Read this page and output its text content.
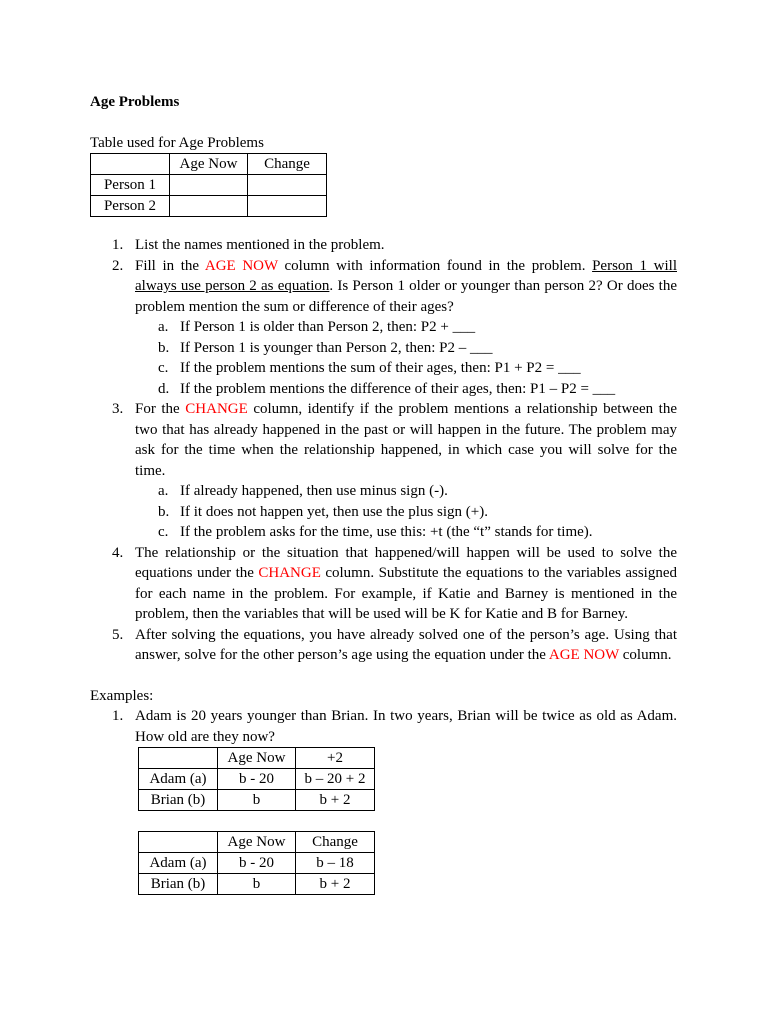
Age Problems

Table used for Age Problems
	Age Now	Change
Person 1		
Person 2		
1. List the names mentioned in the problem.
2. Fill in the AGE NOW column with information found in the problem. Person 1 will always use person 2 as equation. Is Person 1 older or younger than person 2? Or does the problem mention the sum or difference of their ages?
a. If Person 1 is older than Person 2, then: P2 + ___
b. If Person 1 is younger than Person 2, then: P2 – ___
c. If the problem mentions the sum of their ages, then: P1 + P2 = ___
d. If the problem mentions the difference of their ages, then: P1 – P2 = ___
3. For the CHANGE column, identify if the problem mentions a relationship between the two that has already happened in the past or will happen in the future. The problem may ask for the time when the relationship happened, in which case you will solve for the time.
a. If already happened, then use minus sign (-).
b. If it does not happen yet, then use the plus sign (+).
c. If the problem asks for the time, use this: +t (the “t” stands for time).
4. The relationship or the situation that happened/will happen will be used to solve the equations under the CHANGE column. Substitute the equations to the variables assigned for each name in the problem. For example, if Katie and Barney is mentioned in the problem, then the variables that will be used will be K for Katie and B for Barney.
5. After solving the equations, you have already solved one of the person’s age. Using that answer, solve for the other person’s age using the equation under the AGE NOW column.
Examples:
1. Adam is 20 years younger than Brian. In two years, Brian will be twice as old as Adam. How old are they now?
	Age Now	+2
Adam (a)	b - 20	b – 20 + 2
Brian (b)	b	b + 2
	Age Now	Change
Adam (a)	b - 20	b – 18
Brian (b)	b	b + 2
